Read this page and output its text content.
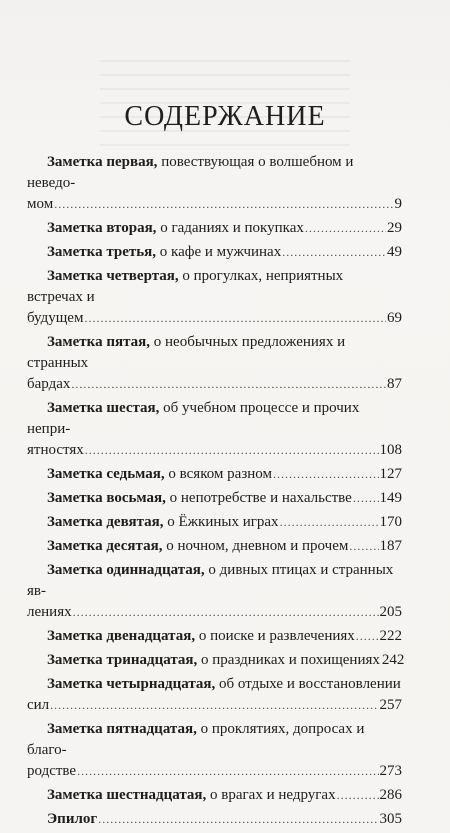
СОДЕРЖАНИЕ
Заметка первая, повествующая о волшебном и неведо-
мом .....	9
Заметка вторая, о гаданиях и покупках .....	29
Заметка третья, о кафе и мужчинах .....	49
Заметка четвертая, о прогулках, неприятных встречах и
будущем .....	69
Заметка пятая, о необычных предложениях и странных
бардах .....	87
Заметка шестая, об учебном процессе и прочих непри-
ятностях .....	108
Заметка седьмая, о всяком разном .....	127
Заметка восьмая, о непотребстве и нахальстве ..... 149
Заметка девятая, о Ёжкиных играх .....	170
Заметка десятая, о ночном, дневном и прочем ..... 187
Заметка одиннадцатая, о дивных птицах и странных яв-
лениях .....	205
Заметка двенадцатая, о поиске и развлечениях ..... 222
Заметка тринадцатая, о праздниках и похищениях 242
Заметка четырнадцатая, об отдыхе и восстановлении
сил .....	257
Заметка пятнадцатая, о проклятиях, допросах и благо-
родстве .....	273
Заметка шестнадцатая, о врагах и недругах .....	286
Эпилог .....	305
